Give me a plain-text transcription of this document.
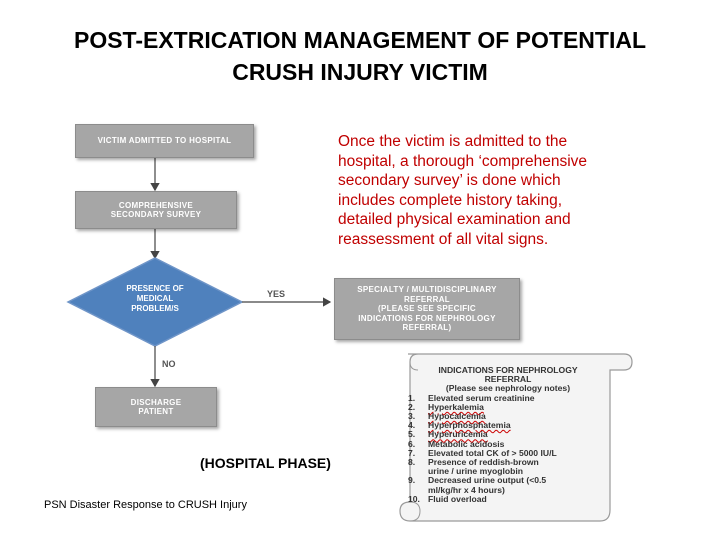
POST-EXTRICATION MANAGEMENT OF POTENTIAL
CRUSH INJURY VICTIM
Once the victim is admitted to the
hospital, a thorough ‘comprehensive
secondary survey’ is done which
includes complete history taking,
detailed physical examination and
reassessment of all vital signs.
VICTIM ADMITTED TO HOSPITAL
COMPREHENSIVE
SECONDARY SURVEY
PRESENCE OF
MEDICAL
PROBLEM/S
YES
NO
SPECIALTY / MULTIDISCIPLINARY
REFERRAL
(PLEASE SEE SPECIFIC
INDICATIONS FOR NEPHROLOGY
REFERRAL)
DISCHARGE
PATIENT
INDICATIONS FOR NEPHROLOGY
REFERRAL
(Please see nephrology notes)
1.	Elevated serum creatinine
2.	Hyperkalemia
3.	Hypocalcemia
4.	Hyperphosphatemia
5.	Hyperuricemia
6.	Metabolic acidosis
7.	Elevated total CK of > 5000 IU/L
8.	Presence of reddish-brown
urine / urine myoglobin
9.	Decreased urine output (<0.5
ml/kg/hr x 4 hours)
10. Fluid overload
(HOSPITAL PHASE)
PSN Disaster Response to CRUSH Injury
